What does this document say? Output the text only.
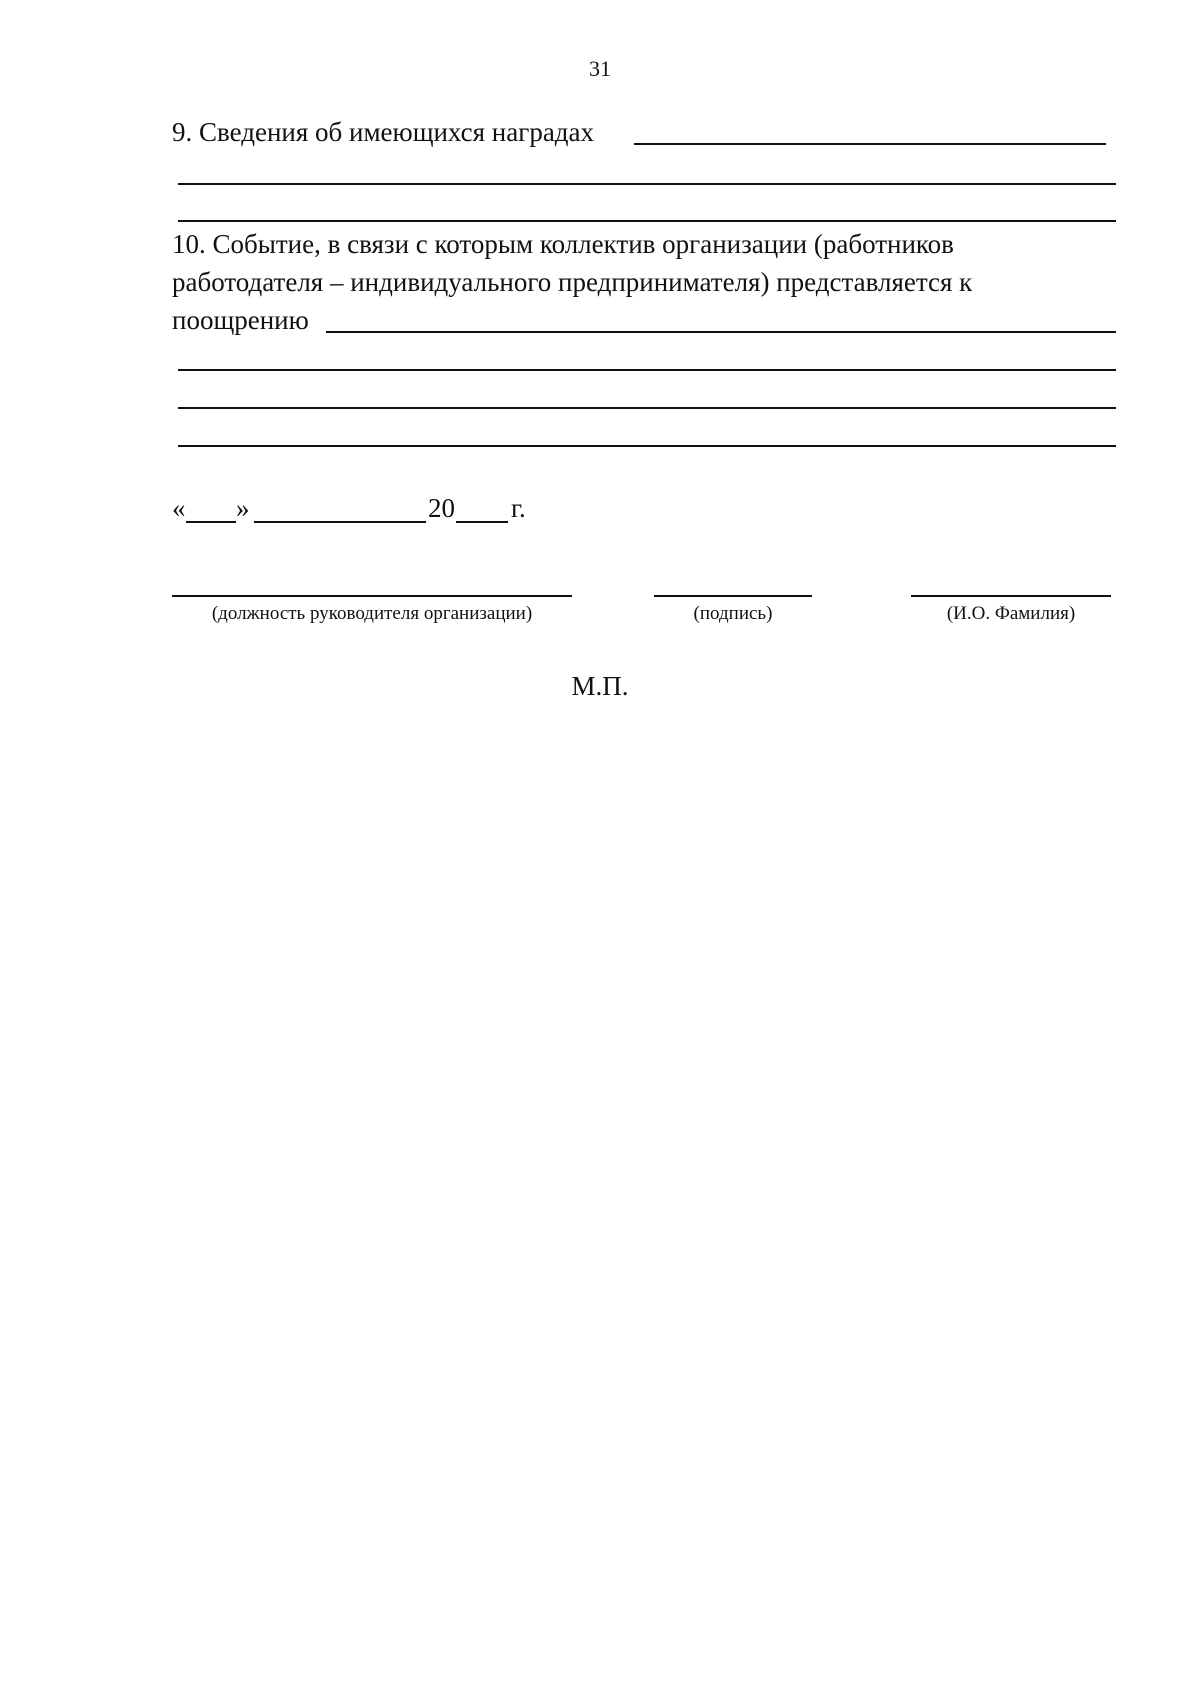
31
9. Сведения об имеющихся наградах
10. Событие, в связи с которым коллектив организации (работников
работодателя – индивидуального предпринимателя) представляется к
поощрению
« »	20 г.
(должность руководителя организации)	(подпись)	(И.О. Фамилия)
М.П.
